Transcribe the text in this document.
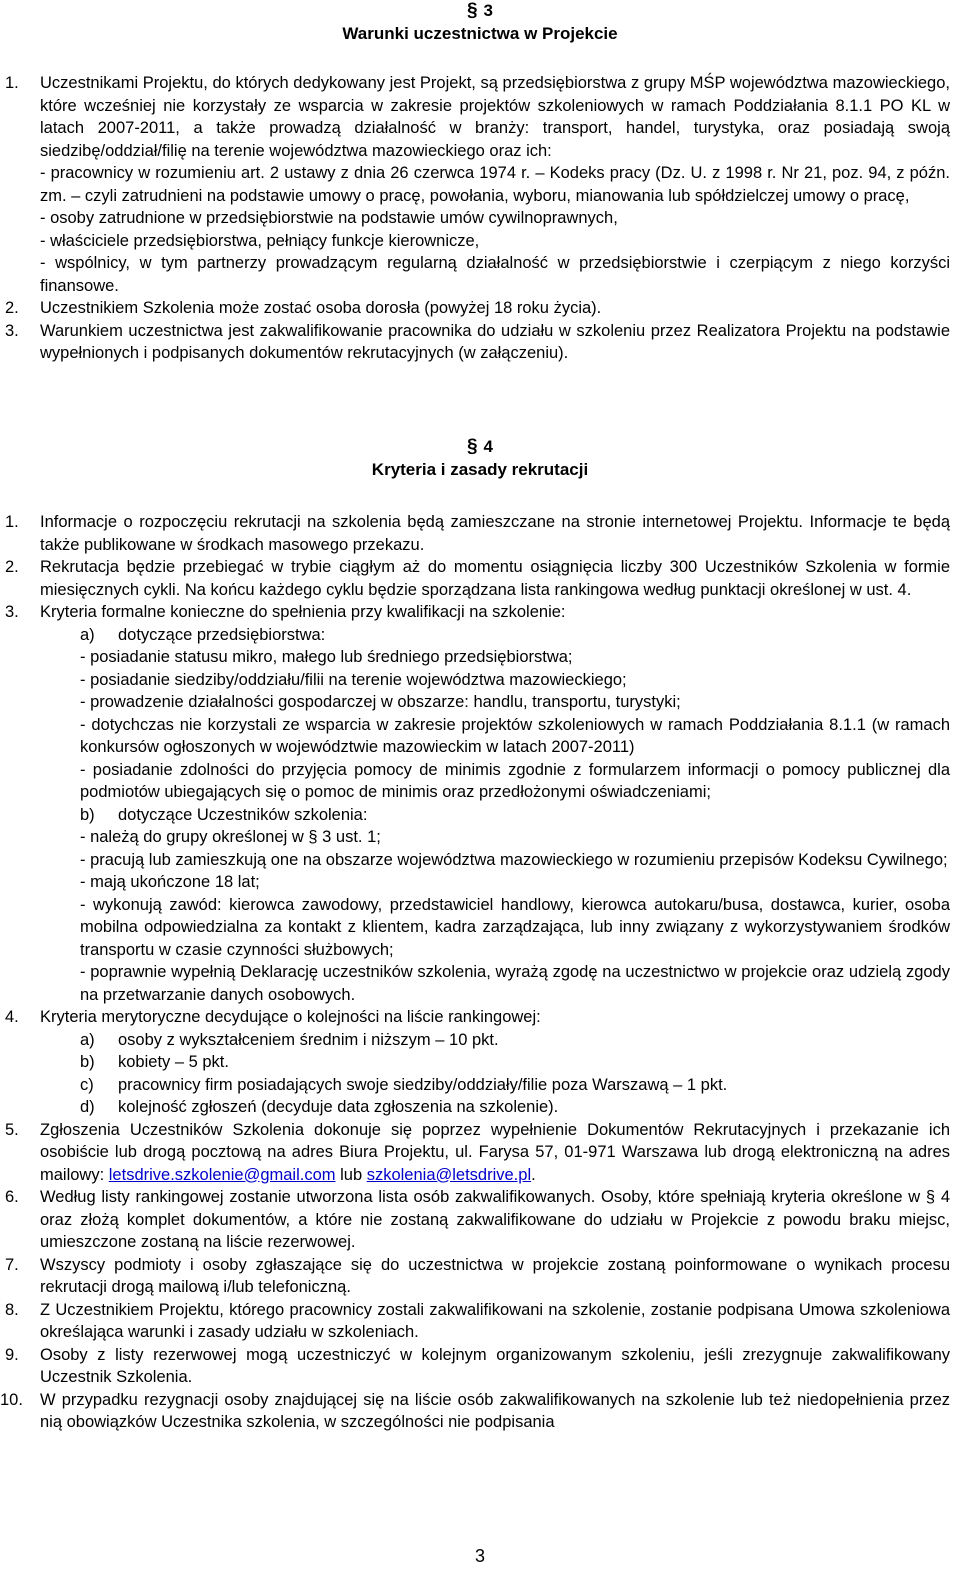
§ 3
Warunki uczestnictwa w Projekcie
1. Uczestnikami Projektu, do których dedykowany jest Projekt, są przedsiębiorstwa z grupy MŚP województwa mazowieckiego, które wcześniej nie korzystały ze wsparcia w zakresie projektów szkoleniowych w ramach Poddziałania 8.1.1 PO KL w latach 2007-2011, a także prowadzą działalność w branży: transport, handel, turystyka, oraz posiadają swoją siedzibę/oddział/filię na terenie województwa mazowieckiego oraz ich:
- pracownicy w rozumieniu art. 2 ustawy z dnia 26 czerwca 1974 r. – Kodeks pracy (Dz. U. z 1998 r. Nr 21, poz. 94, z późn. zm. – czyli zatrudnieni na podstawie umowy o pracę, powołania, wyboru, mianowania lub spółdzielczej umowy o pracę,
- osoby zatrudnione w przedsiębiorstwie na podstawie umów cywilnoprawnych,
- właściciele przedsiębiorstwa, pełniący funkcje kierownicze,
- wspólnicy, w tym partnerzy prowadzącym regularną działalność w przedsiębiorstwie i czerpiącym z niego korzyści finansowe.
2. Uczestnikiem Szkolenia może zostać osoba dorosła (powyżej 18 roku życia).
3. Warunkiem uczestnictwa jest zakwalifikowanie pracownika do udziału w szkoleniu przez Realizatora Projektu na podstawie wypełnionych i podpisanych dokumentów rekrutacyjnych (w załączeniu).
§ 4
Kryteria i zasady rekrutacji
1. Informacje o rozpoczęciu rekrutacji na szkolenia będą zamieszczane na stronie internetowej Projektu. Informacje te będą także publikowane w środkach masowego przekazu.
2. Rekrutacja będzie przebiegać w trybie ciągłym aż do momentu osiągnięcia liczby 300 Uczestników Szkolenia w formie miesięcznych cykli. Na końcu każdego cyklu będzie sporządzana lista rankingowa według punktacji określonej w ust. 4.
3. Kryteria formalne konieczne do spełnienia przy kwalifikacji na szkolenie:
a) dotyczące przedsiębiorstwa:
- posiadanie statusu mikro, małego lub średniego przedsiębiorstwa;
- posiadanie siedziby/oddziału/filii na terenie województwa mazowieckiego;
- prowadzenie działalności gospodarczej w obszarze: handlu, transportu, turystyki;
- dotychczas nie korzystali ze wsparcia w zakresie projektów szkoleniowych w ramach Poddziałania 8.1.1 (w ramach konkursów ogłoszonych w województwie mazowieckim w latach 2007-2011)
- posiadanie zdolności do przyjęcia pomocy de minimis zgodnie z formularzem informacji o pomocy publicznej dla podmiotów ubiegających się o pomoc de minimis oraz przedłożonymi oświadczeniami;
b) dotyczące Uczestników szkolenia:
- należą do grupy określonej w § 3 ust. 1;
- pracują lub zamieszkują one na obszarze województwa mazowieckiego w rozumieniu przepisów Kodeksu Cywilnego;
- mają ukończone 18 lat;
- wykonują zawód: kierowca zawodowy, przedstawiciel handlowy, kierowca autokaru/busa, dostawca, kurier, osoba mobilna odpowiedzialna za kontakt z klientem, kadra zarządzająca, lub inny związany z wykorzystywaniem środków transportu w czasie czynności służbowych;
- poprawnie wypełnią Deklarację uczestników szkolenia, wyrażą zgodę na uczestnictwo w projekcie oraz udzielą zgody na przetwarzanie danych osobowych.
4. Kryteria merytoryczne decydujące o kolejności na liście rankingowej:
a) osoby z wykształceniem średnim i niższym – 10 pkt.
b) kobiety – 5 pkt.
c) pracownicy firm posiadających swoje siedziby/oddziały/filie poza Warszawą – 1 pkt.
d) kolejność zgłoszeń (decyduje data zgłoszenia na szkolenie).
5. Zgłoszenia Uczestników Szkolenia dokonuje się poprzez wypełnienie Dokumentów Rekrutacyjnych i przekazanie ich osobiście lub drogą pocztową na adres Biura Projektu, ul. Farysa 57, 01-971 Warszawa lub drogą elektroniczną na adres mailowy: letsdrive.szkolenie@gmail.com lub szkolenia@letsdrive.pl.
6. Według listy rankingowej zostanie utworzona lista osób zakwalifikowanych. Osoby, które spełniają kryteria określone w § 4 oraz złożą komplet dokumentów, a które nie zostaną zakwalifikowane do udziału w Projekcie z powodu braku miejsc, umieszczone zostaną na liście rezerwowej.
7. Wszyscy podmioty i osoby zgłaszające się do uczestnictwa w projekcie zostaną poinformowane o wynikach procesu rekrutacji drogą mailową i/lub telefoniczną.
8. Z Uczestnikiem Projektu, którego pracownicy zostali zakwalifikowani na szkolenie, zostanie podpisana Umowa szkoleniowa określająca warunki i zasady udziału w szkoleniach.
9. Osoby z listy rezerwowej mogą uczestniczyć w kolejnym organizowanym szkoleniu, jeśli zrezygnuje zakwalifikowany Uczestnik Szkolenia.
10. W przypadku rezygnacji osoby znajdującej się na liście osób zakwalifikowanych na szkolenie lub też niedopełnienia przez nią obowiązków Uczestnika szkolenia, w szczególności nie podpisania
3
